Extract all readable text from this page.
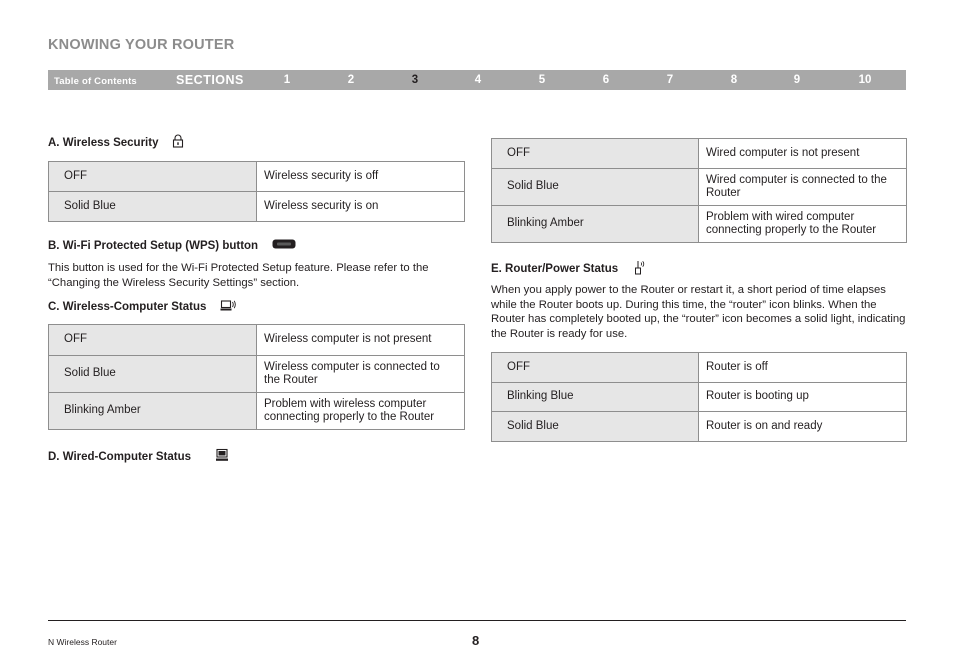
KNOWING YOUR ROUTER
Table of Contents	SECTIONS	1	2	3	4	5	6	7	8	9	10
A. Wireless Security
OFF	Wireless security is off
Solid Blue	Wireless security is on
B. Wi-Fi Protected Setup (WPS) button
This button is used for the Wi-Fi Protected Setup feature. Please refer to the “Changing the Wireless Security Settings” section.
C. Wireless-Computer Status
OFF	Wireless computer is not present
Solid Blue	Wireless computer is connected to the Router
Blinking Amber	Problem with wireless computer connecting properly to the Router
D. Wired-Computer Status
OFF	Wired computer is not present
Solid Blue	Wired computer is connected to the Router
Blinking Amber	Problem with wired computer connecting properly to the Router
E. Router/Power Status
When you apply power to the Router or restart it, a short period of time elapses while the Router boots up. During this time, the “router” icon blinks. When the Router has completely booted up, the “router” icon becomes a solid light, indicating the Router is ready for use.
OFF	Router is off
Blinking Blue	Router is booting up
Solid Blue	Router is on and ready
N Wireless Router	8
